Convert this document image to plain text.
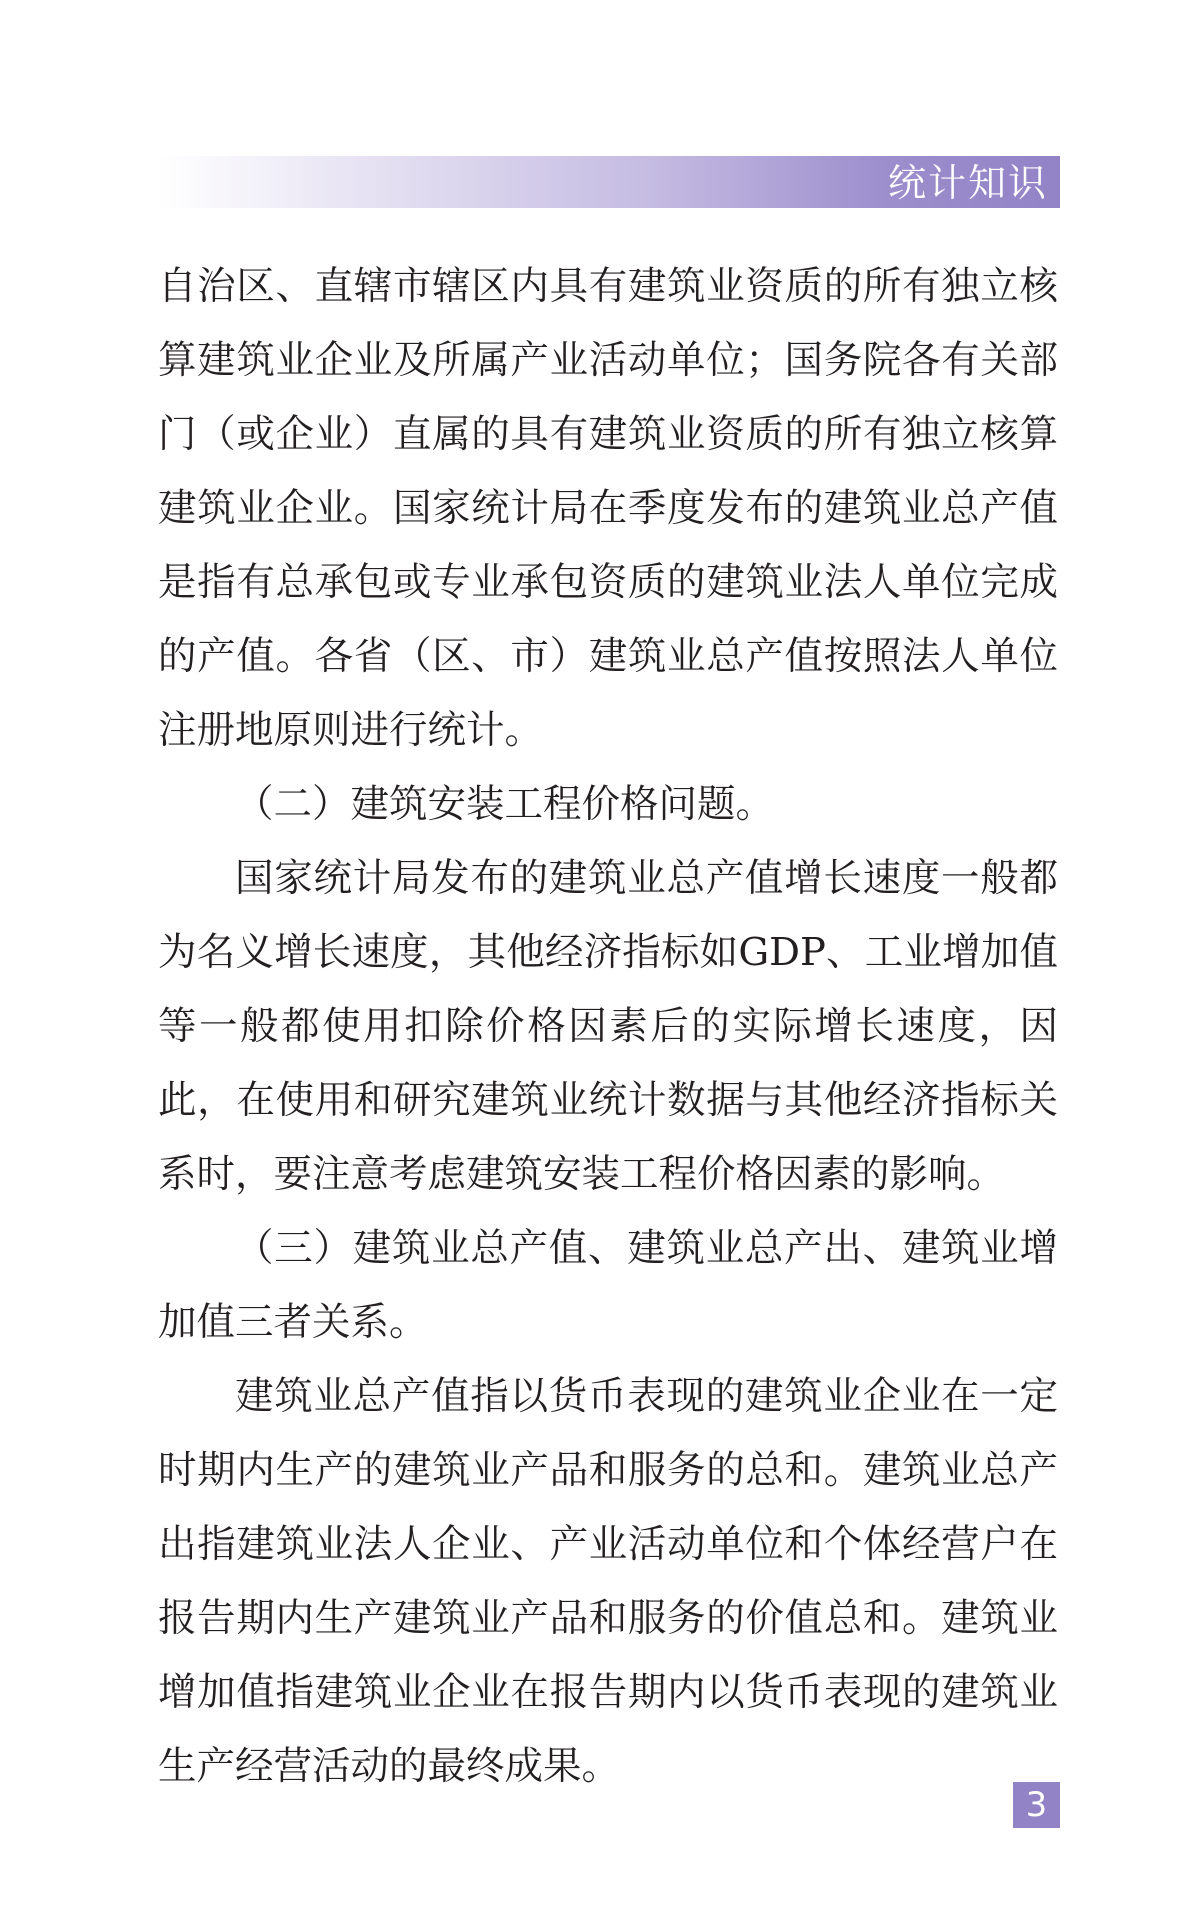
统计知识

自治区、直辖市辖区内具有建筑业资质的所有独立核算建筑业企业及所属产业活动单位；国务院各有关部门（或企业）直属的具有建筑业资质的所有独立核算建筑业企业。国家统计局在季度发布的建筑业总产值是指有总承包或专业承包资质的建筑业法人单位完成的产值。各省（区、市）建筑业总产值按照法人单位注册地原则进行统计。

（二）建筑安装工程价格问题。

国家统计局发布的建筑业总产值增长速度一般都为名义增长速度，其他经济指标如GDP、工业增加值等一般都使用扣除价格因素后的实际增长速度，因此，在使用和研究建筑业统计数据与其他经济指标关系时，要注意考虑建筑安装工程价格因素的影响。

（三）建筑业总产值、建筑业总产出、建筑业增加值三者关系。

建筑业总产值指以货币表现的建筑业企业在一定时期内生产的建筑业产品和服务的总和。建筑业总产出指建筑业法人企业、产业活动单位和个体经营户在报告期内生产建筑业产品和服务的价值总和。建筑业增加值指建筑业企业在报告期内以货币表现的建筑业生产经营活动的最终成果。

3
